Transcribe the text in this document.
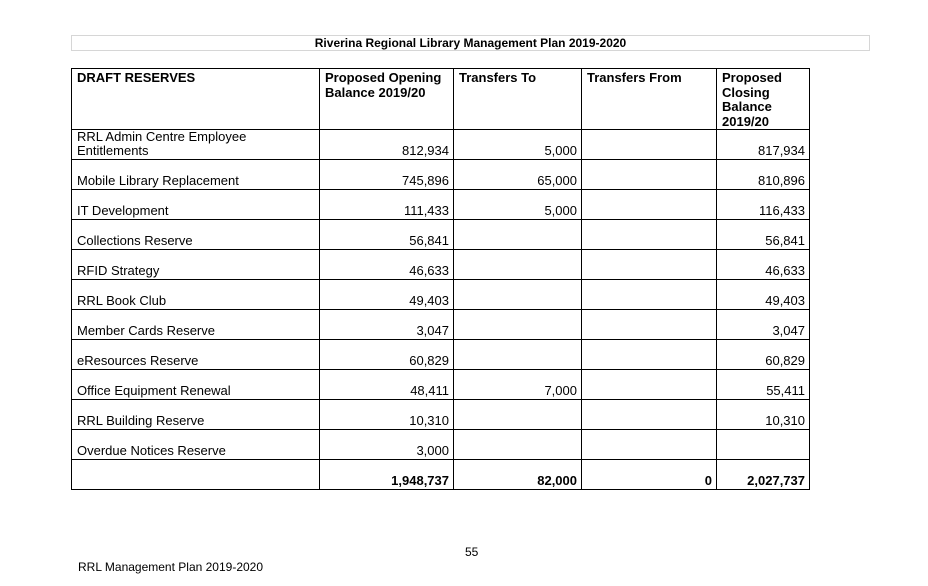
Riverina Regional Library Management Plan 2019-2020
DRAFT RESERVES	Proposed Opening Balance 2019/20	Transfers To	Transfers From	Proposed Closing Balance 2019/20
RRL Admin Centre Employee Entitlements	812,934	5,000		817,934
Mobile Library Replacement	745,896	65,000		810,896
IT Development	111,433	5,000		116,433
Collections Reserve	56,841			56,841
RFID Strategy	46,633			46,633
RRL Book Club	49,403			49,403
Member Cards Reserve	3,047			3,047
eResources Reserve	60,829			60,829
Office Equipment Renewal	48,411	7,000		55,411
RRL Building Reserve	10,310			10,310
Overdue Notices Reserve	3,000			
	1,948,737	82,000	0	2,027,737
55
RRL Management Plan 2019-2020
